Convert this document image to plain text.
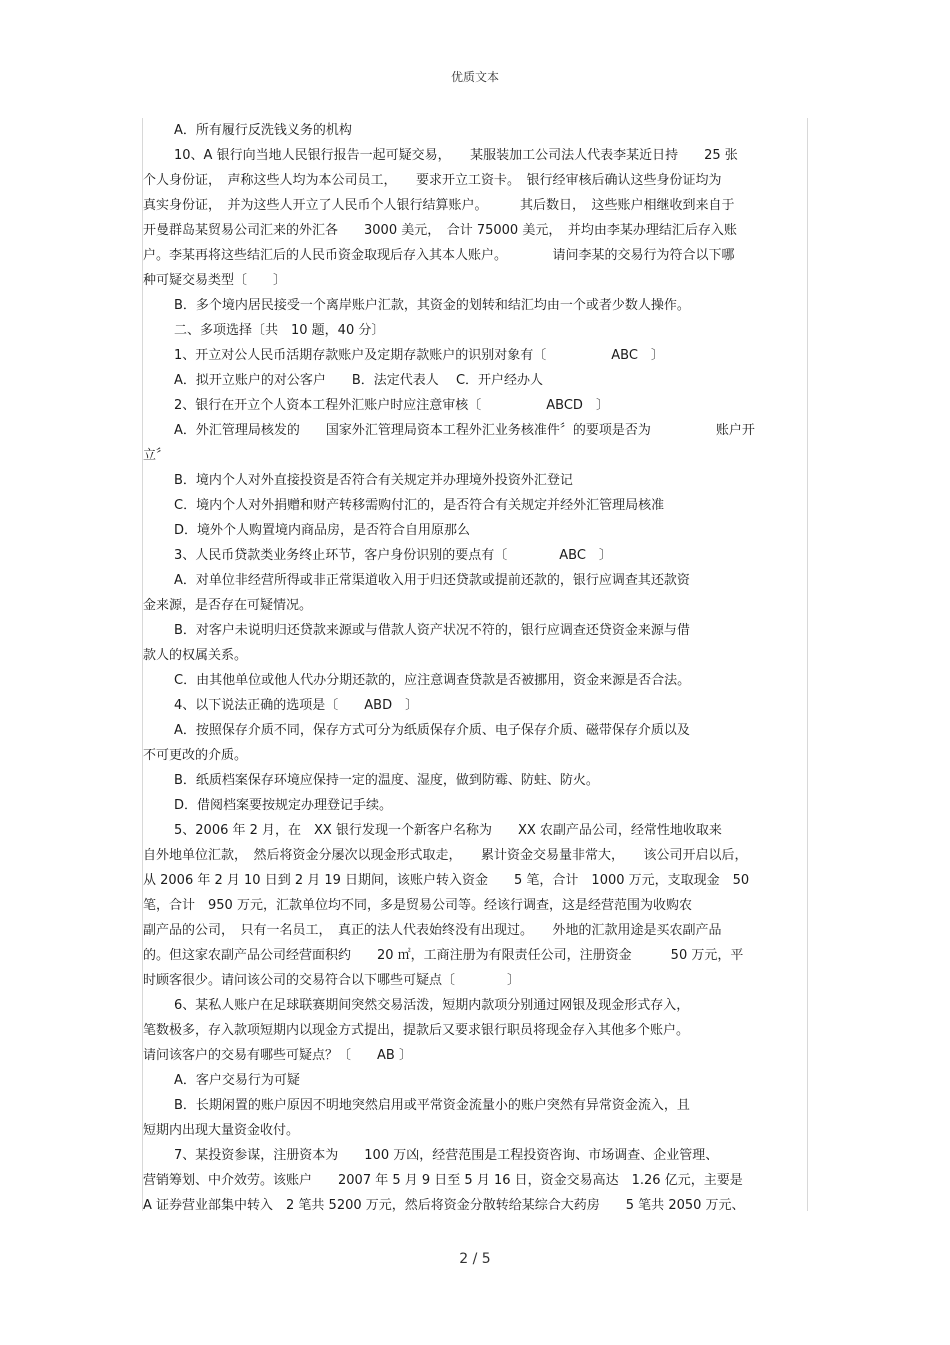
优质文本
A．所有履行反洗钱义务的机构
10、A 银行向当地人民银行报告一起可疑交易，　　某服装加工公司法人代表李某近日持　　25 张
个人身份证，　声称这些人均为本公司员工，　　要求开立工资卡。　银行经审核后确认这些身份证均为
真实身份证，　并为这些人开立了人民币个人银行结算账户。　　　其后数日，　这些账户相继收到来自于
开曼群岛某贸易公司汇来的外汇各　　3000 美元，　合计 75000 美元，　并均由李某办理结汇后存入账
户。李某再将这些结汇后的人民币资金取现后存入其本人账户。　　　　请问李某的交易行为符合以下哪
种可疑交易类型〔　　〕
B．多个境内居民接受一个离岸账户汇款，其资金的划转和结汇均由一个或者少数人操作。
二、多项选择〔共　10 题，40 分〕
1、开立对公人民币活期存款账户及定期存款账户的识别对象有〔　　　　　ABC　〕
A．拟开立账户的对公客户　　B．法定代表人　 C．开户经办人
2、银行在开立个人资本工程外汇账户时应注意审核〔　　　　　ABCD　〕
A．外汇管理局核发的　　国家外汇管理局资本工程外汇业务核准件〞的要项是否为　　　　　账户开
立〞
B．境内个人对外直接投资是否符合有关规定并办理境外投资外汇登记
C．境内个人对外捐赠和财产转移需购付汇的，是否符合有关规定并经外汇管理局核准
D．境外个人购置境内商品房，是否符合自用原那么
3、人民币贷款类业务终止环节，客户身份识别的要点有〔　　　　ABC　〕
A．对单位非经营所得或非正常渠道收入用于归还贷款或提前还款的，银行应调查其还款资
金来源，是否存在可疑情况。
B．对客户未说明归还贷款来源或与借款人资产状况不符的，银行应调查还贷资金来源与借
款人的权属关系。
C．由其他单位或他人代办分期还款的，应注意调查贷款是否被挪用，资金来源是否合法。
4、以下说法正确的选项是〔　　ABD　〕
A．按照保存介质不同，保存方式可分为纸质保存介质、电子保存介质、磁带保存介质以及
不可更改的介质。
B．纸质档案保存环境应保持一定的温度、湿度，做到防霉、防蛀、防火。
D．借阅档案要按规定办理登记手续。
5、2006 年 2 月，在　XX 银行发现一个新客户名称为　　XX 农副产品公司，经常性地收取来
自外地单位汇款，　然后将资金分屡次以现金形式取走，　　累计资金交易量非常大，　　该公司开启以后，
从 2006 年 2 月 10 日到 2 月 19 日期间，该账户转入资金　　5 笔，合计　1000 万元，支取现金　50
笔，合计　950 万元，汇款单位均不同，多是贸易公司等。经该行调查，这是经营范围为收购农
副产品的公司，　只有一名员工，　真正的法人代表始终没有出现过。　　外地的汇款用途是买农副产品
的。但这家农副产品公司经营面积约　　20 ㎡，工商注册为有限责任公司，注册资金　　　50 万元，平
时顾客很少。请问该公司的交易符合以下哪些可疑点〔　　　　〕
6、某私人账户在足球联赛期间突然交易活泼，短期内款项分别通过网银及现金形式存入，
笔数极多，存入款项短期内以现金方式提出，提款后又要求银行职员将现金存入其他多个账户。
请问该客户的交易有哪些可疑点？〔　　AB 〕
A．客户交易行为可疑
B．长期闲置的账户原因不明地突然启用或平常资金流量小的账户突然有异常资金流入，且
短期内出现大量资金收付。
7、某投资参谋，注册资本为　　100 万凶，经营范围是工程投资咨询、市场调查、企业管理、
营销筹划、中介效劳。该账户　　2007 年 5 月 9 日至 5 月 16 日，资金交易高达　1.26 亿元，主要是
A 证券营业部集中转入　2 笔共 5200 万元，然后将资金分散转给某综合大药房　　5 笔共 2050 万元、
2 / 5
